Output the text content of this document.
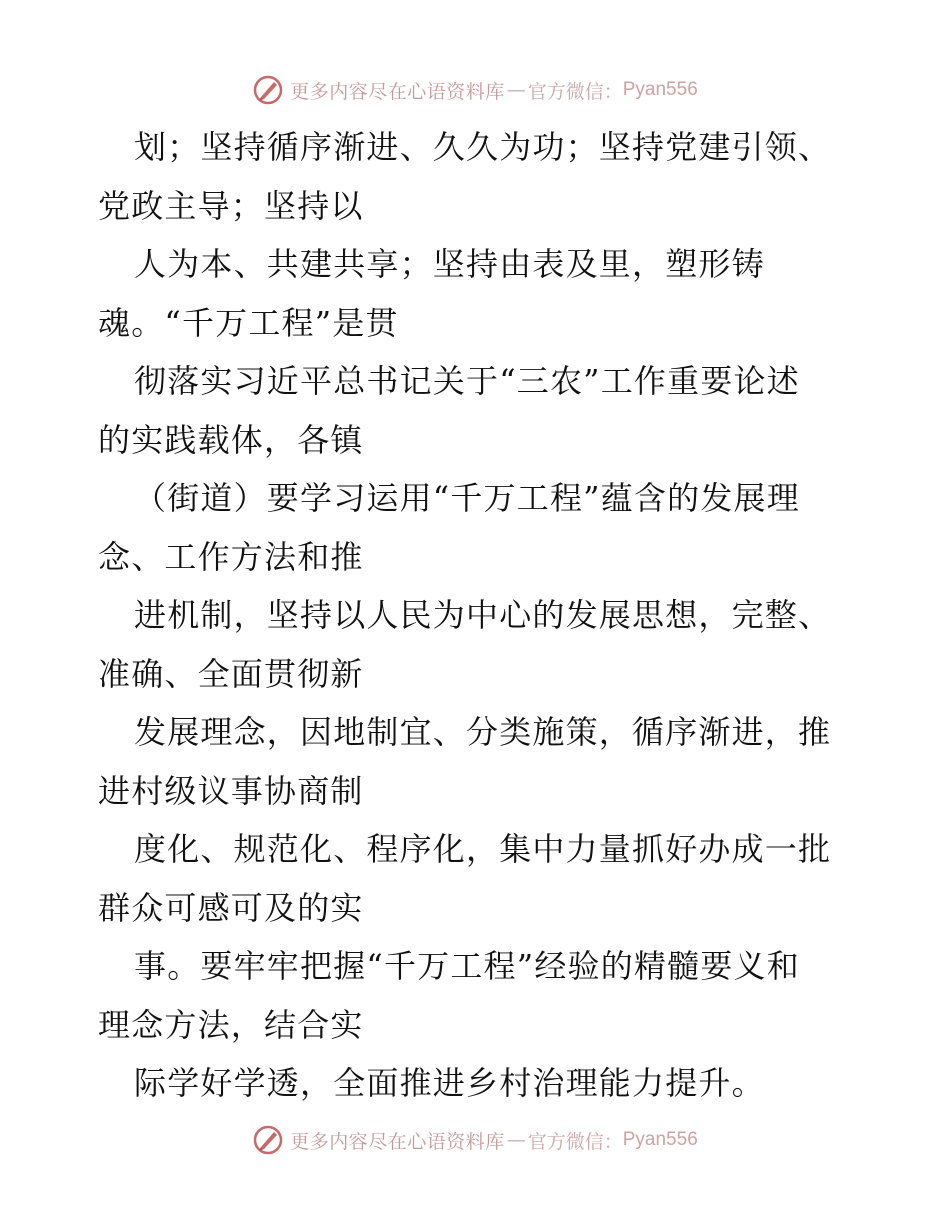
更多内容尽在心语资料库 — 官方微信： Pyan556
划；坚持循序渐进、久久为功；坚持党建引领、
党政主导；坚持以
人为本、共建共享；坚持由表及里，塑形铸
魂。“千万工程”是贯
彻落实习近平总书记关于“三农”工作重要论述
的实践载体，各镇
（街道）要学习运用“千万工程”蕴含的发展理
念、工作方法和推
进机制，坚持以人民为中心的发展思想，完整、
准确、全面贯彻新
发展理念，因地制宜、分类施策，循序渐进，推
进村级议事协商制
度化、规范化、程序化，集中力量抓好办成一批
群众可感可及的实
事。要牢牢把握“千万工程”经验的精髓要义和
理念方法，结合实
际学好学透，全面推进乡村治理能力提升。
更多内容尽在心语资料库 — 官方微信： Pyan556
